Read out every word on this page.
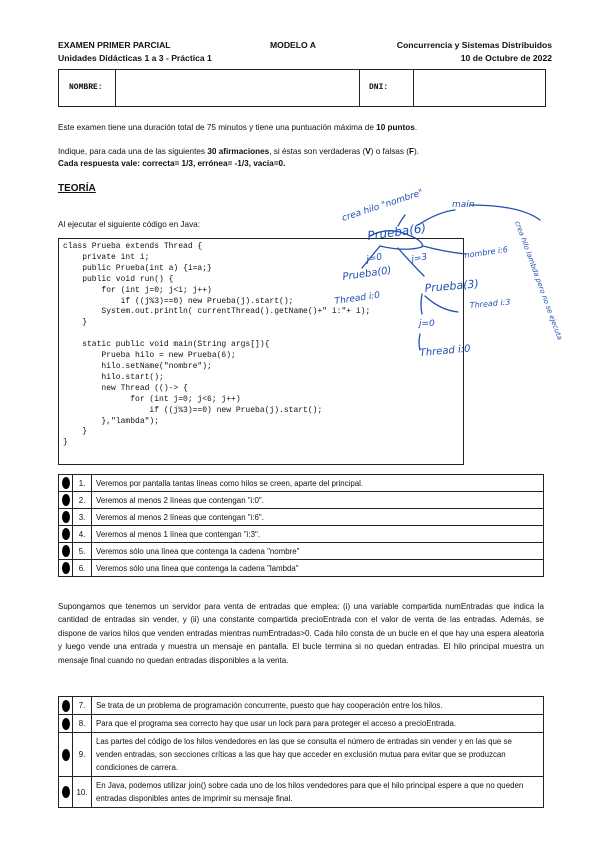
EXAMEN PRIMER PARCIAL
Unidades Didácticas 1 a 3 - Práctica 1
MODELO A	Concurrencia y Sistemas Distribuidos
10 de Octubre de 2022
NOMBRE:	DNI:
Este examen tiene una duración total de 75 minutos y tiene una puntuación máxima de 10 puntos.
Indique, para cada una de las siguientes 30 afirmaciones, si éstas son verdaderas (V) o falsas (F).
Cada respuesta vale: correcta= 1/3, errónea= -1/3, vacía=0.
TEORÍA
Al ejecutar el siguiente código en Java:
class Prueba extends Thread {
private int i;
public Prueba(int a) {i=a;}
public void run() {
for (int j=0; j<i; j++)
if ((j%3)==0) new Prueba(j).start();
System.out.println( currentThread().getName()+" i:"+ i);
}

static public void main(String args[]){
Prueba hilo = new Prueba(6);
hilo.setName("nombre");
hilo.start();
new Thread (()-> {
for (int j=0; j<6; j++)
if ((j%3)==0) new Prueba(j).start();
},"lambda");
}
}
crea hilo "nombre"	main
crea hilo lambda pero no se ejecuta
Prueba(6)
nombre i:6
j=0	j=3
Prueba(0)
Thread i:0
Prueba(3)
Thread i:3
j=0
Thread i:0
	1.	Veremos por pantalla tantas líneas como hilos se creen, aparte del principal.
	2.	Veremos al menos 2 líneas que contengan "i:0".
	3.	Veremos al menos 2 líneas que contengan "i:6".
	4.	Veremos al menos 1 línea que contengan "i:3".
	5.	Veremos sólo una línea que contenga la cadena "nombre"
	6.	Veremos sólo una línea que contenga la cadena "lambda"
Supongamos que tenemos un servidor para venta de entradas que emplea: (i) una variable compartida numEntradas que indica la cantidad de entradas sin vender, y (ii) una constante compartida precioEntrada con el valor de venta de las entradas. Además, se dispone de varios hilos que venden entradas mientras numEntradas>0. Cada hilo consta de un bucle en el que hay una espera aleatoria y luego vende una entrada y muestra un mensaje en pantalla. El bucle termina si no quedan entradas. El hilo principal muestra un mensaje final cuando no quedan entradas disponibles a la venta.
	7.	Se trata de un problema de programación concurrente, puesto que hay cooperación entre los hilos.
	8.	Para que el programa sea correcto hay que usar un lock para para proteger el acceso a precioEntrada.
	9.	Las partes del código de los hilos vendedores en las que se consulta el número de entradas sin vender y en las que se venden entradas, son secciones críticas a las que hay que acceder en exclusión mutua para evitar que se produzcan condiciones de carrera.
	10.	En Java, podemos utilizar join() sobre cada uno de los hilos vendedores para que el hilo principal espere a que no queden entradas disponibles antes de imprimir su mensaje final.
